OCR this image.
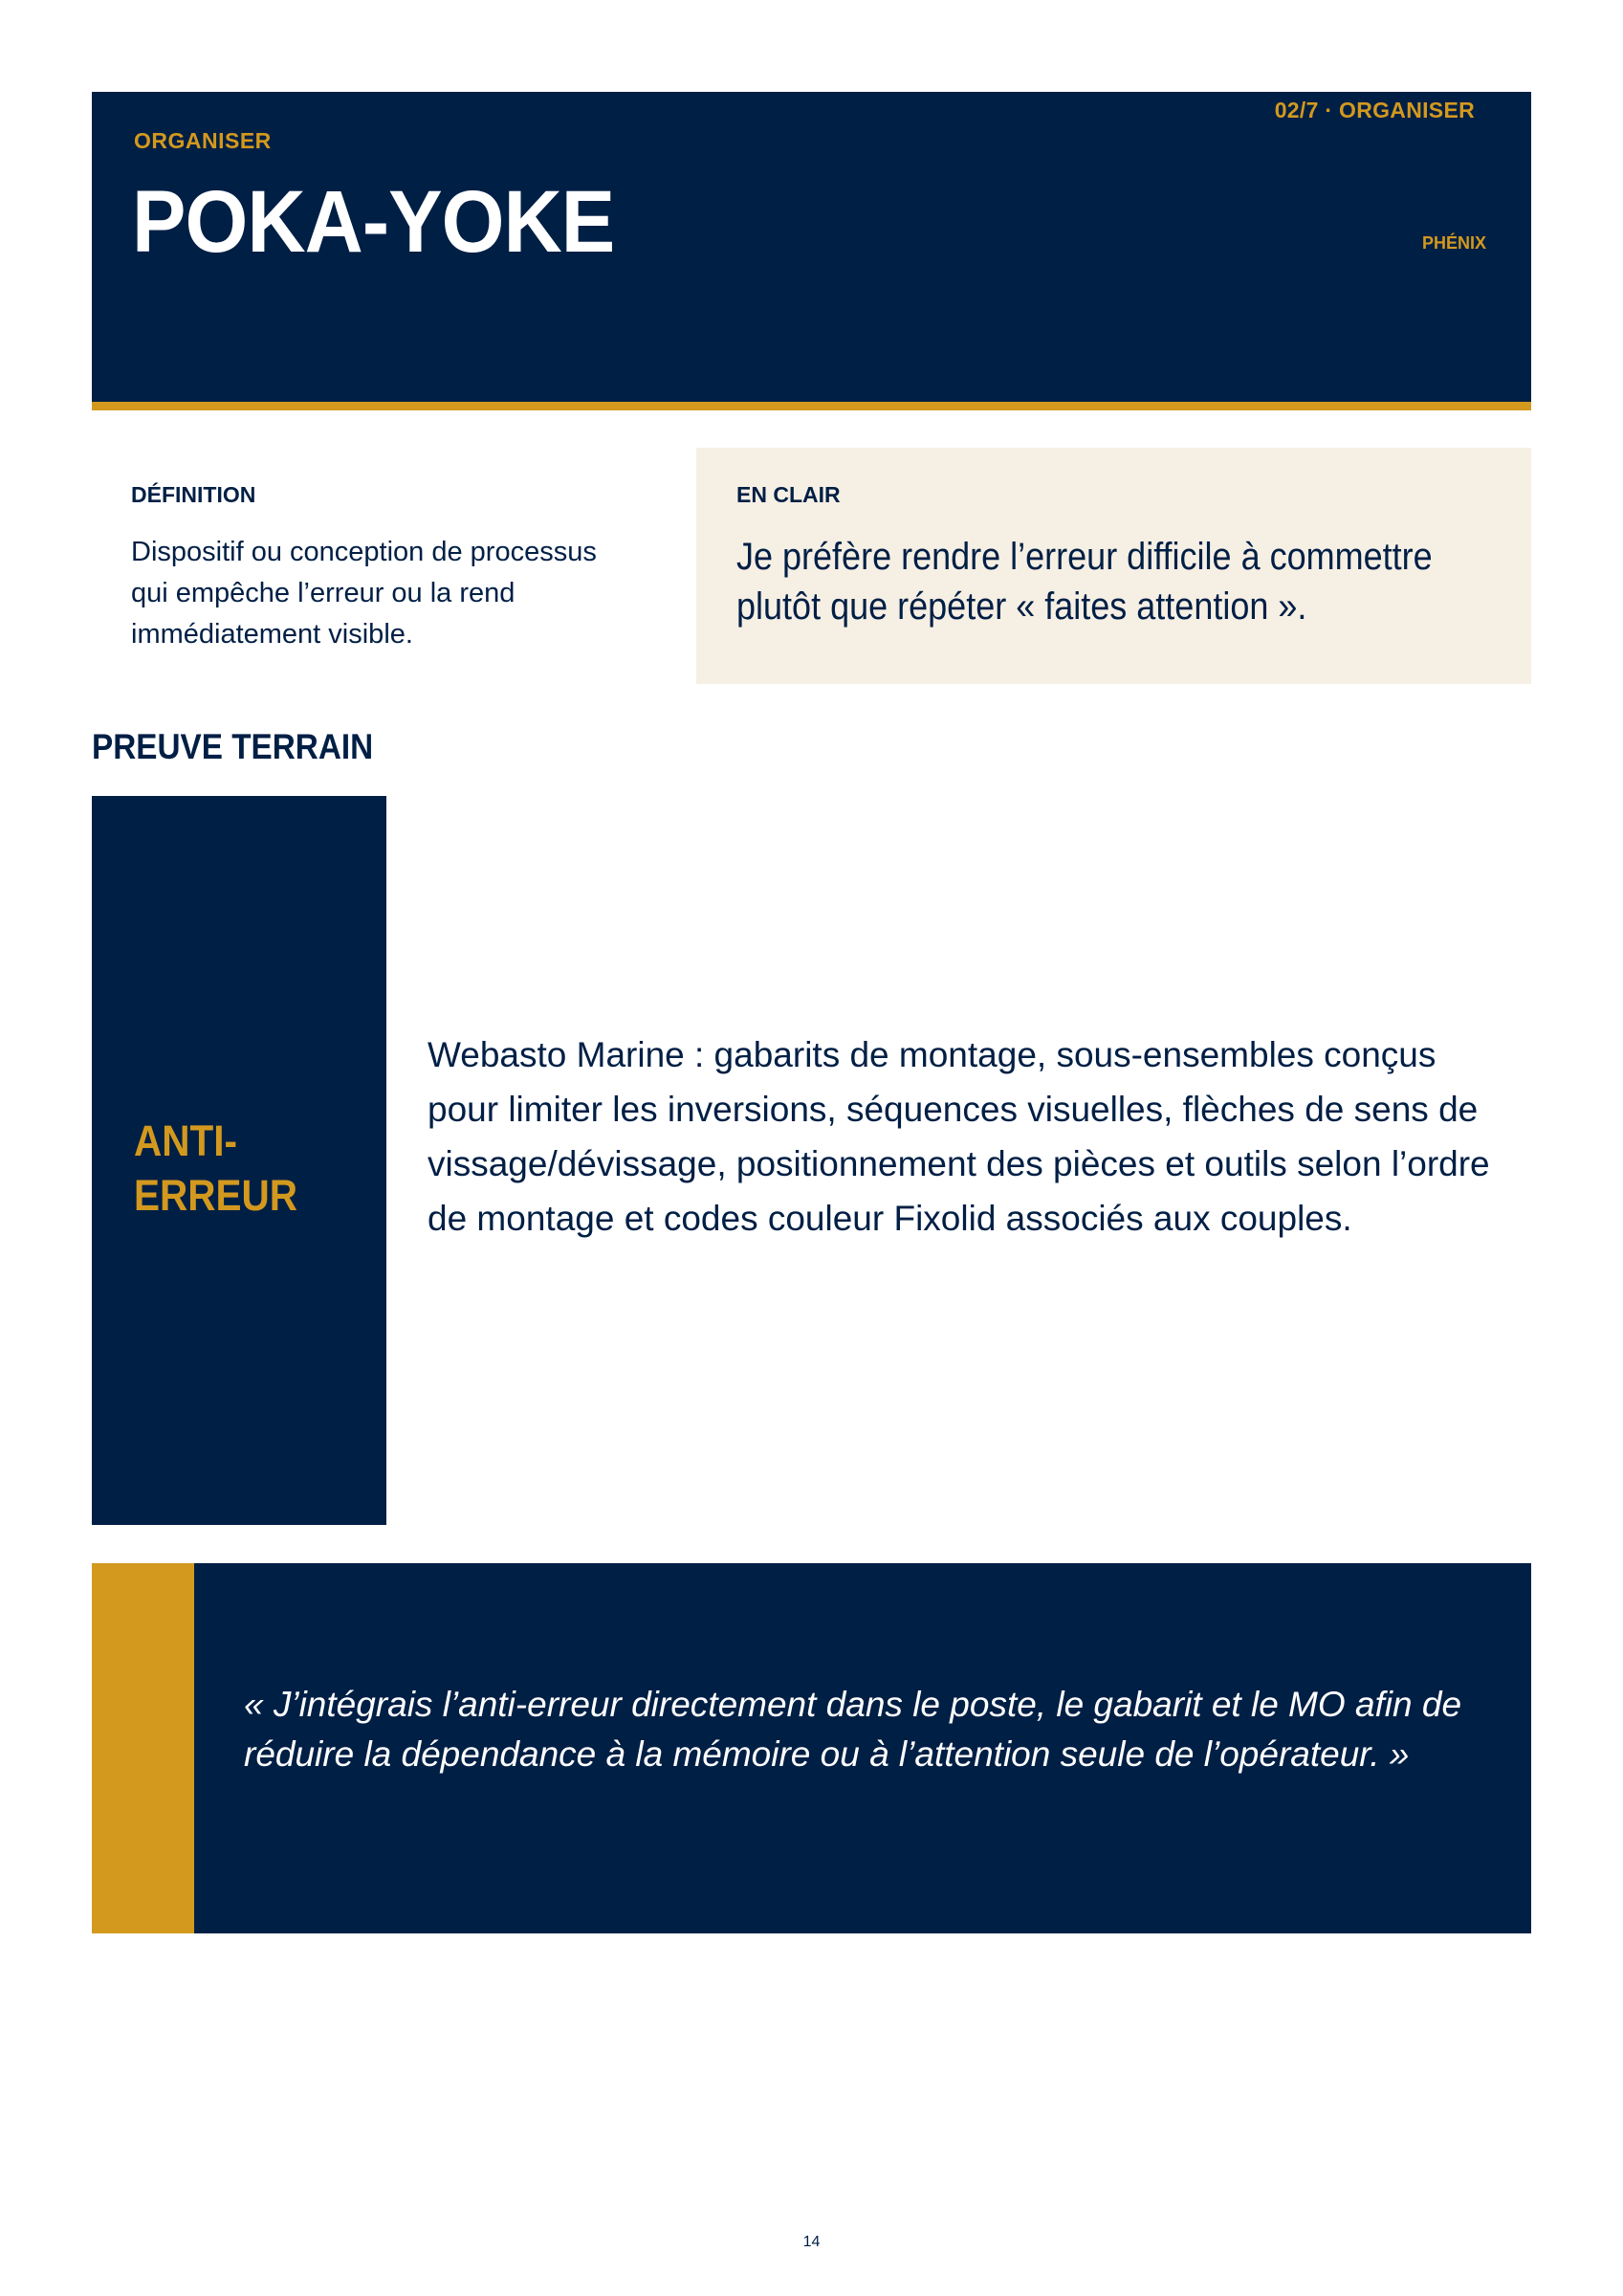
ORGANISER
POKA-YOKE
02/7 · ORGANISER
PHÉNIX
DÉFINITION
Dispositif ou conception de processus qui empêche l’erreur ou la rend immédiatement visible.
EN CLAIR
Je préfère rendre l’erreur difficile à commettre plutôt que répéter « faites attention ».
PREUVE TERRAIN
ANTI-ERREUR
Webasto Marine : gabarits de montage, sous-ensembles conçus pour limiter les inversions, séquences visuelles, flèches de sens de vissage/dévissage, positionnement des pièces et outils selon l’ordre de montage et codes couleur Fixolid associés aux couples.
« J’intégrais l’anti-erreur directement dans le poste, le gabarit et le MO afin de réduire la dépendance à la mémoire ou à l’attention seule de l’opérateur. »
14
